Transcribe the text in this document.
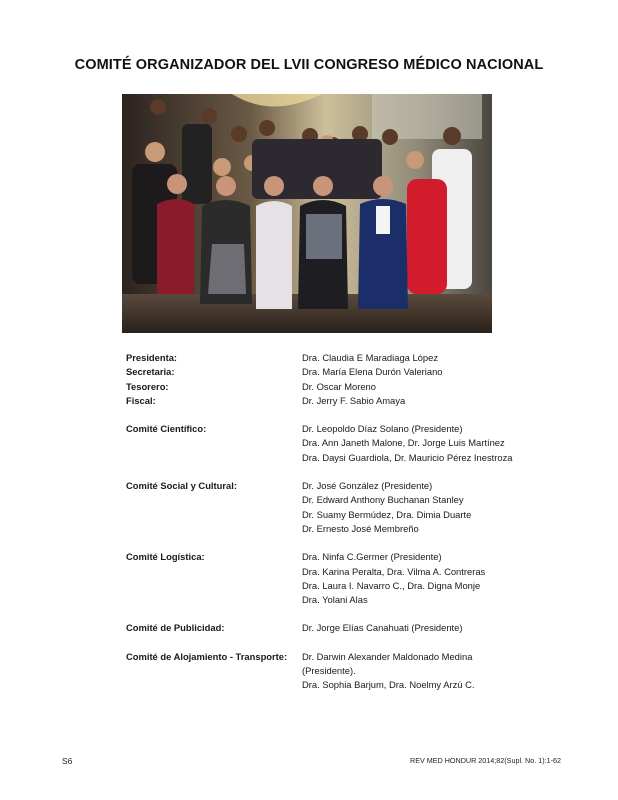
COMITÉ ORGANIZADOR DEL LVII CONGRESO MÉDICO NACIONAL
Presidenta:	Dra. Claudia E Maradiaga López
Secretaria:	Dra. María Elena Durón Valeriano
Tesorero:	Dr. Oscar Moreno
Fiscal:	Dr. Jerry F. Sabio Amaya
Comité Científico:	Dr. Leopoldo Díaz Solano (Presidente)
Dra. Ann Janeth Malone, Dr. Jorge Luis Martínez
Dra. Daysi Guardiola, Dr. Mauricio Pérez Inestroza
Comité Social y Cultural:	Dr. José González (Presidente)
Dr. Edward Anthony Buchanan Stanley
Dr. Suamy Bermúdez, Dra. Dimia Duarte
Dr. Ernesto José Membreño
Comité Logística:	Dra. Ninfa C.Germer (Presidente)
Dra. Karina Peralta, Dra. Vilma A. Contreras
Dra. Laura I. Navarro C., Dra. Digna Monje
Dra. Yolani Alas
Comité de Publicidad:	Dr. Jorge Elías Canahuati (Presidente)
Comité de Alojamiento - Transporte:	Dr. Darwin Alexander Maldonado Medina
(Presidente).
Dra. Sophia Barjum, Dra. Noelmy Arzú C.
S6	REV MED HONDUR 2014;82(Supl. No. 1):1-62
